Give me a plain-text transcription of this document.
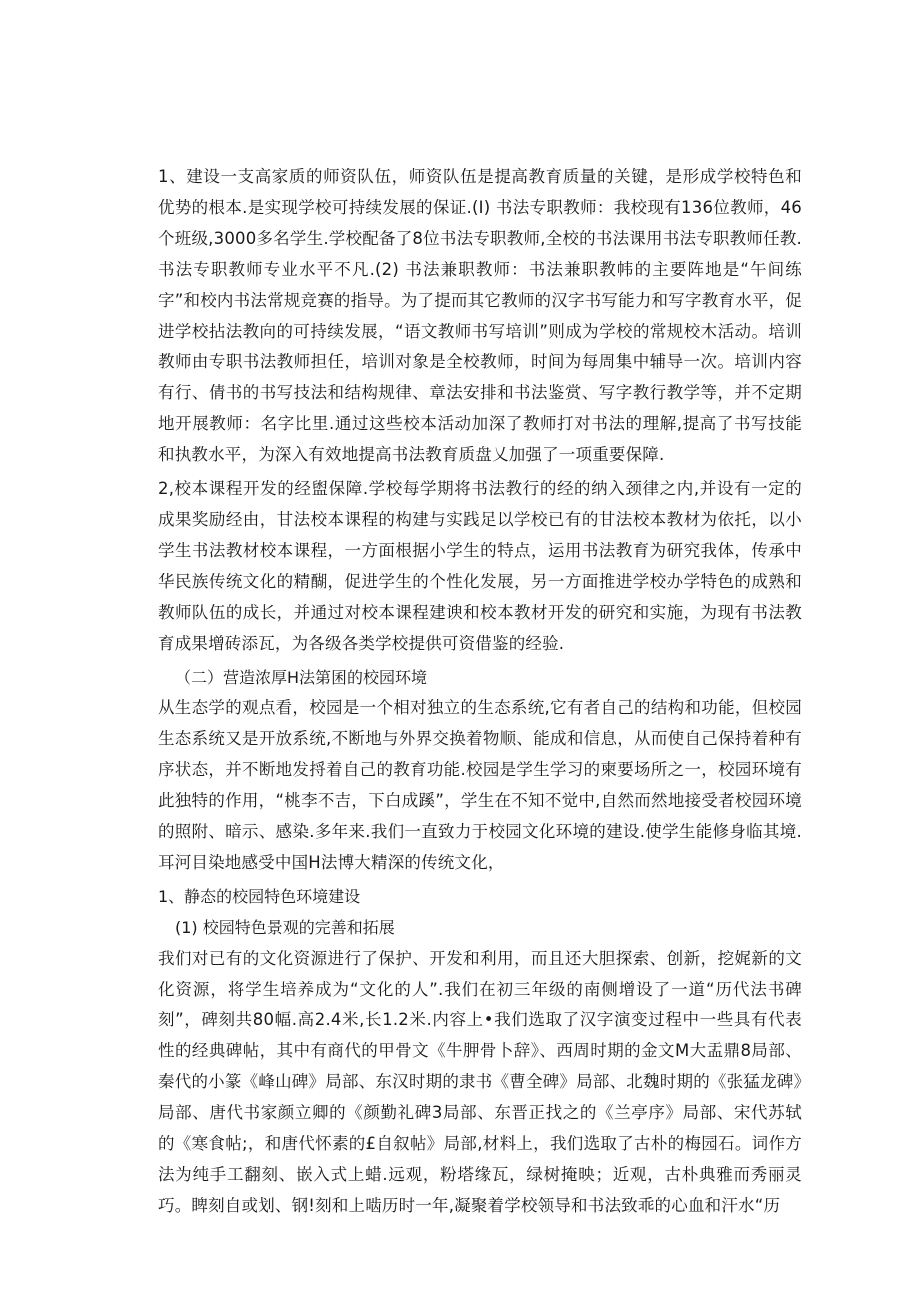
1、建设一支高家质的师资队伍，师资队伍是提高教育质量的关键，是形成学校特色和优势的根本.是实现学校可持续发展的保证.(I) 书法专职教师：我校现有136位教师，46个班级,3000多名学生.学校配备了8位书法专职教师,全校的书法课用书法专职教师任教.书法专职教师专业水平不凡.(2) 书法兼职教师：书法兼职教帏的主要阵地是“午间练字”和校内书法常规竞赛的指导。为了提而其它教师的汉字书写能力和写字教育水平，促进学校拈法教向的可持续发展，“语文教师书写培训”则成为学校的常规校木活动。培训教师由专职书法教师担任，培训对象是全校教师，时间为每周集中辅导一次。培训内容有行、倩书的书写技法和结构规律、章法安排和书法鉴赏、写字教行教学等，并不定期地开展教师：名字比里.通过这些校本活动加深了教师打对书法的理解,提高了书写技能和执教水平，为深入有效地提高书法教育质盘乂加强了一项重要保障.

2,校本课程开发的经盥保障.学校每学期将书法教行的经的纳入颈律之内,并设有一定的成果奖励经由，甘法校本课程的构建与实践足以学校已有的甘法校本教材为依托，以小学生书法教材校本课程，一方面根据小学生的特点，运用书法教育为研究我体，传承中华民族传统文化的精醐，促进学生的个性化发展，另一方面推进学校办学特色的成熟和教师队伍的成长，并通过对校本课程建谀和校本教材开发的研究和实施，为现有书法教育成果增砖添瓦，为各级各类学校提供可资借鉴的经验.

（二）营造浓厚H法第囷的校园环境

从生态学的观点看，校园是一个相对独立的生态系统,它有者自己的结构和功能，但校园生态系统又是开放系统,不断地与外界交换着物顺、能成和信息，从而使自己保持着种有序状态，并不断地发捋着自己的教育功能.校园是学生学习的柬要场所之一，校园环境有此独特的作用，“桃李不吉，下白成蹊”，学生在不知不觉中,自然而然地接受者校园环境的照附、暗示、感染.多年来.我们一直致力于校园文化环境的建设.使学生能修身临其境.耳河目染地感受中国H法博大精深的传统文化，

1、静态的校园特色环境建设

(1) 校园特色景观的完善和拓展

我们对已有的文化资源进行了保护、开发和利用，而且还大胆探索、创新，挖娓新的文化资源，将学生培养成为“文化的人”.我们在初三年级的南侧增设了一道“历代法书碑刻”，碑刻共80幅.高2.4米,长1.2米.内容上•我们选取了汉字演变过程中一些具有代表性的经典碑帖，其中有商代的甲骨文《牛胛骨卜辞》、西周时期的金文M大盂鼎8局部、秦代的小篆《峰山碑》局部、东汉时期的隶书《曹全碑》局部、北魏时期的《张猛龙碑》局部、唐代书家颜立卿的《颜勤礼碑3局部、东晋正找之的《兰亭序》局部、宋代苏轼的《寒食帖;，和唐代怀素的£自叙帖》局部,材料上，我们选取了古朴的梅园石。词作方法为纯手工翻刻、嵌入式上蜡.远观，粉塔缘瓦，绿树掩映；近观，古朴典雅而秀丽灵巧。睥刻自或划、钢!刻和上啮历时一年,凝聚着学校领导和书法致乖的心血和汗水“历
